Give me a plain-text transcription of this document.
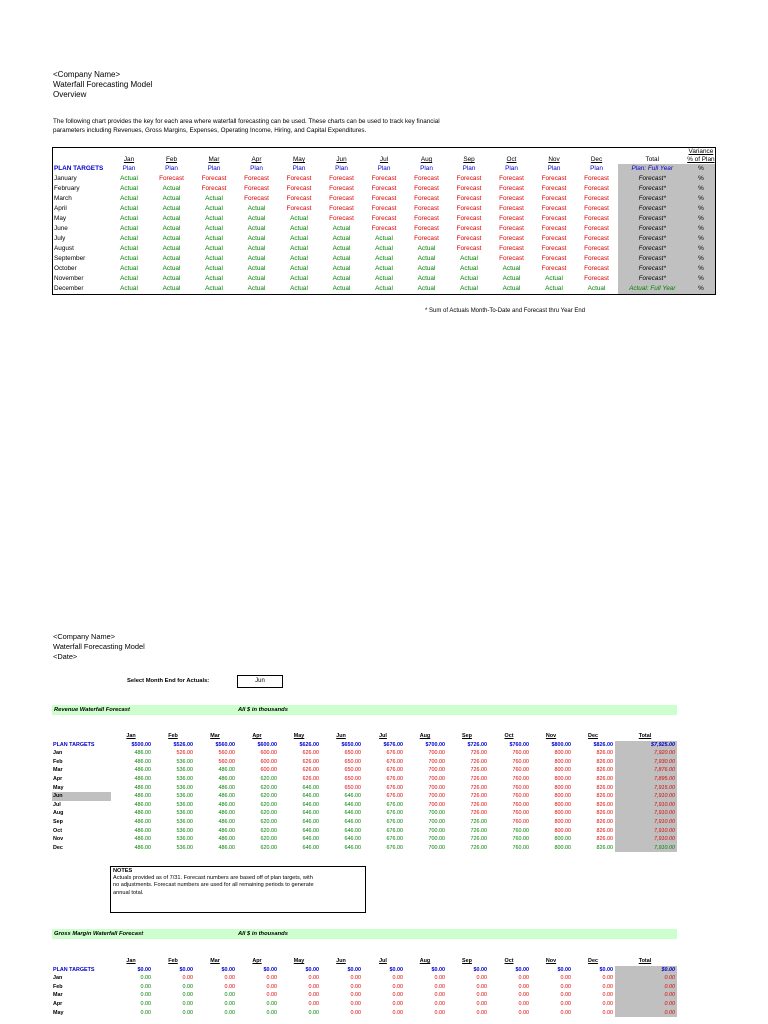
<Company Name>
Waterfall Forecasting Model
Overview
The following chart provides the key for each area where waterfall forecasting can be used. These charts can be used to track key financial
parameters including Revenues, Gross Margins, Expenses, Operating Income, Hiring, and Capital Expenditures.
														Variance
	Jan	Feb	Mar	Apr	May	Jun	Jul	Aug	Sep	Oct	Nov	Dec	Total	% of Plan
PLAN TARGETS	Plan	Plan	Plan	Plan	Plan	Plan	Plan	Plan	Plan	Plan	Plan	Plan	Plan: Full Year	%
January	Actual	Forecast	Forecast	Forecast	Forecast	Forecast	Forecast	Forecast	Forecast	Forecast	Forecast	Forecast	Forecast*	%
February	Actual	Actual	Forecast	Forecast	Forecast	Forecast	Forecast	Forecast	Forecast	Forecast	Forecast	Forecast	Forecast*	%
March	Actual	Actual	Actual	Forecast	Forecast	Forecast	Forecast	Forecast	Forecast	Forecast	Forecast	Forecast	Forecast*	%
April	Actual	Actual	Actual	Actual	Forecast	Forecast	Forecast	Forecast	Forecast	Forecast	Forecast	Forecast	Forecast*	%
May	Actual	Actual	Actual	Actual	Actual	Forecast	Forecast	Forecast	Forecast	Forecast	Forecast	Forecast	Forecast*	%
June	Actual	Actual	Actual	Actual	Actual	Actual	Forecast	Forecast	Forecast	Forecast	Forecast	Forecast	Forecast*	%
July	Actual	Actual	Actual	Actual	Actual	Actual	Actual	Forecast	Forecast	Forecast	Forecast	Forecast	Forecast*	%
August	Actual	Actual	Actual	Actual	Actual	Actual	Actual	Actual	Forecast	Forecast	Forecast	Forecast	Forecast*	%
September	Actual	Actual	Actual	Actual	Actual	Actual	Actual	Actual	Actual	Forecast	Forecast	Forecast	Forecast*	%
October	Actual	Actual	Actual	Actual	Actual	Actual	Actual	Actual	Actual	Actual	Forecast	Forecast	Forecast*	%
November	Actual	Actual	Actual	Actual	Actual	Actual	Actual	Actual	Actual	Actual	Actual	Forecast	Forecast*	%
December	Actual	Actual	Actual	Actual	Actual	Actual	Actual	Actual	Actual	Actual	Actual	Actual	Actual: Full Year	%
* Sum of Actuals Month-To-Date and Forecast thru Year End
<Company Name>
Waterfall Forecasting Model
<Date>
Select Month End for Actuals:	Jun
Revenue Waterfall Forecast	All $ in thousands
	Jan	Feb	Mar	Apr	May	Jun	Jul	Aug	Sep	Oct	Nov	Dec	Total
PLAN TARGETS	$500.00	$526.00	$560.00	$600.00	$626.00	$650.00	$676.00	$700.00	$726.00	$760.00	$800.00	$826.00	$7,925.00
Jan	486.00	526.00	560.00	600.00	626.00	650.00	676.00	700.00	726.00	760.00	800.00	826.00	7,920.00
Feb	486.00	536.00	560.00	600.00	626.00	650.00	676.00	700.00	726.00	760.00	800.00	826.00	7,930.00
Mar	486.00	536.00	486.00	600.00	626.00	650.00	676.00	700.00	726.00	760.00	800.00	826.00	7,876.00
Apr	486.00	536.00	486.00	620.00	626.00	650.00	676.00	700.00	726.00	760.00	800.00	826.00	7,895.00
May	486.00	536.00	486.00	620.00	646.00	650.00	676.00	700.00	726.00	760.00	800.00	826.00	7,915.00
Jun	486.00	536.00	486.00	620.00	646.00	646.00	676.00	700.00	726.00	760.00	800.00	826.00	7,910.00
Jul	486.00	536.00	486.00	620.00	646.00	646.00	676.00	700.00	726.00	760.00	800.00	826.00	7,910.00
Aug	486.00	536.00	486.00	620.00	646.00	646.00	676.00	700.00	726.00	760.00	800.00	826.00	7,910.00
Sep	486.00	536.00	486.00	620.00	646.00	646.00	676.00	700.00	726.00	760.00	800.00	826.00	7,910.00
Oct	486.00	536.00	486.00	620.00	646.00	646.00	676.00	700.00	726.00	760.00	800.00	826.00	7,910.00
Nov	486.00	536.00	486.00	620.00	646.00	646.00	676.00	700.00	726.00	760.00	800.00	826.00	7,910.00
Dec	486.00	536.00	486.00	620.00	646.00	646.00	676.00	700.00	726.00	760.00	800.00	826.00	7,910.00
NOTES
Actuals provided as of 7/31. Forecast numbers are based off of plan targets, with
no adjustments. Forecast numbers are used for all remaining periods to generate
annual total.
Gross Margin Waterfall Forecast	All $ in thousands
	Jan	Feb	Mar	Apr	May	Jun	Jul	Aug	Sep	Oct	Nov	Dec	Total
PLAN TARGETS	$0.00	$0.00	$0.00	$0.00	$0.00	$0.00	$0.00	$0.00	$0.00	$0.00	$0.00	$0.00	$0.00
Jan	0.00	0.00	0.00	0.00	0.00	0.00	0.00	0.00	0.00	0.00	0.00	0.00	0.00
Feb	0.00	0.00	0.00	0.00	0.00	0.00	0.00	0.00	0.00	0.00	0.00	0.00	0.00
Mar	0.00	0.00	0.00	0.00	0.00	0.00	0.00	0.00	0.00	0.00	0.00	0.00	0.00
Apr	0.00	0.00	0.00	0.00	0.00	0.00	0.00	0.00	0.00	0.00	0.00	0.00	0.00
May	0.00	0.00	0.00	0.00	0.00	0.00	0.00	0.00	0.00	0.00	0.00	0.00	0.00
